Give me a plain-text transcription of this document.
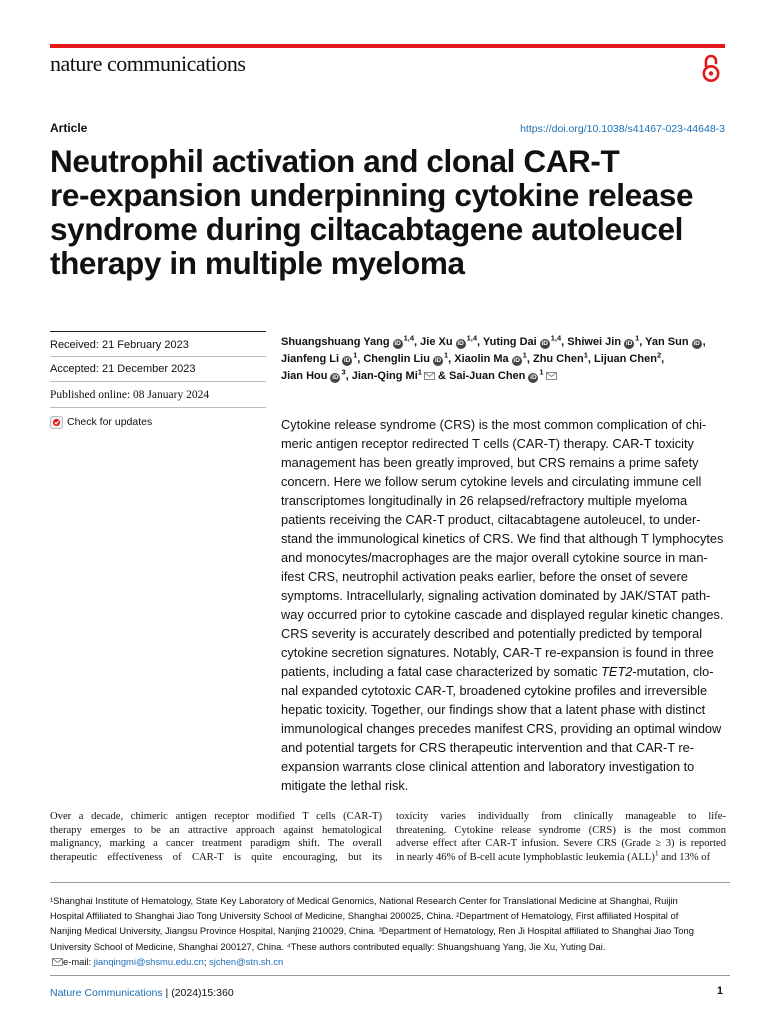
nature communications
Article	https://doi.org/10.1038/s41467-023-44648-3
Neutrophil activation and clonal CAR-T
re-expansion underpinning cytokine release
syndrome during ciltacabtagene autoleucel
therapy in multiple myeloma
Received: 21 February 2023
Accepted: 21 December 2023
Published online: 08 January 2024
Check for updates
Shuangshuang Yang iD$^{1,4}$, Jie Xu iD$^{1,4}$, Yuting Dai iD$^{1,4}$, Shiwei Jin $iD^1$, Yan Sun iD ,
Jianfeng Li $iD^1$, Chenglin Liu $iD^1$, Xiaolin Ma $iD^1$, Zhu Chen$^1$, Lijuan Chen$^2$,
Jian Hou $iD^3$, Jian-Qing Mi$^1$ & Sai-Juan Chen $iD^1$
Cytokine release syndrome (CRS) is the most common complication of chi-
meric antigen receptor redirected T cells (CAR-T) therapy. CAR-T toxicity
management has been greatly improved, but CRS remains a prime safety
concern. Here we follow serum cytokine levels and circulating immune cell
transcriptomes longitudinally in 26 relapsed/refractory multiple myeloma
patients receiving the CAR-T product, ciltacabtagene autoleucel, to under-
stand the immunological kinetics of CRS. We find that although T lymphocytes
and monocytes/macrophages are the major overall cytokine source in man-
ifest CRS, neutrophil activation peaks earlier, before the onset of severe
symptoms. Intracellularly, signaling activation dominated by JAK/STAT path-
way occurred prior to cytokine cascade and displayed regular kinetic changes.
CRS severity is accurately described and potentially predicted by temporal
cytokine secretion signatures. Notably, CAR-T re-expansion is found in three
patients, including a fatal case characterized by somatic TET2-mutation, clo-
nal expanded cytotoxic CAR-T, broadened cytokine profiles and irreversible
hepatic toxicity. Together, our findings show that a latent phase with distinct
immunological changes precedes manifest CRS, providing an optimal window
and potential targets for CRS therapeutic intervention and that CAR-T re-
expansion warrants close clinical attention and laboratory investigation to
mitigate the lethal risk.
Over a decade, chimeric antigen receptor modified T cells (CAR-T)
therapy emerges to be an attractive approach against hematological
malignancy, marking a cancer treatment paradigm shift. The overall
therapeutic effectiveness of CAR-T is quite encouraging, but its
toxicity varies individually from clinically manageable to life-
threatening. Cytokine release syndrome (CRS) is the most common
adverse effect after CAR-T infusion. Severe CRS (Grade ≥ 3) is reported
in nearly 46% of B-cell acute lymphoblastic leukemia (ALL)$^1$ and 13% of
¹Shanghai Institute of Hematology, State Key Laboratory of Medical Genomics, National Research Center for Translational Medicine at Shanghai, Ruijin
Hospital Affiliated to Shanghai Jiao Tong University School of Medicine, Shanghai 200025, China. ²Department of Hematology, First affiliated Hospital of
Nanjing Medical University, Jiangsu Province Hospital, Nanjing 210029, China. ³Department of Hematology, Ren Ji Hospital affiliated to Shanghai Jiao Tong
University School of Medicine, Shanghai 200127, China. ⁴These authors contributed equally: Shuangshuang Yang, Jie Xu, Yuting Dai.
e-mail: jianqingmi@shsmu.edu.cn; sjchen@stn.sh.cn
Nature Communications | (2024)15:360	1
